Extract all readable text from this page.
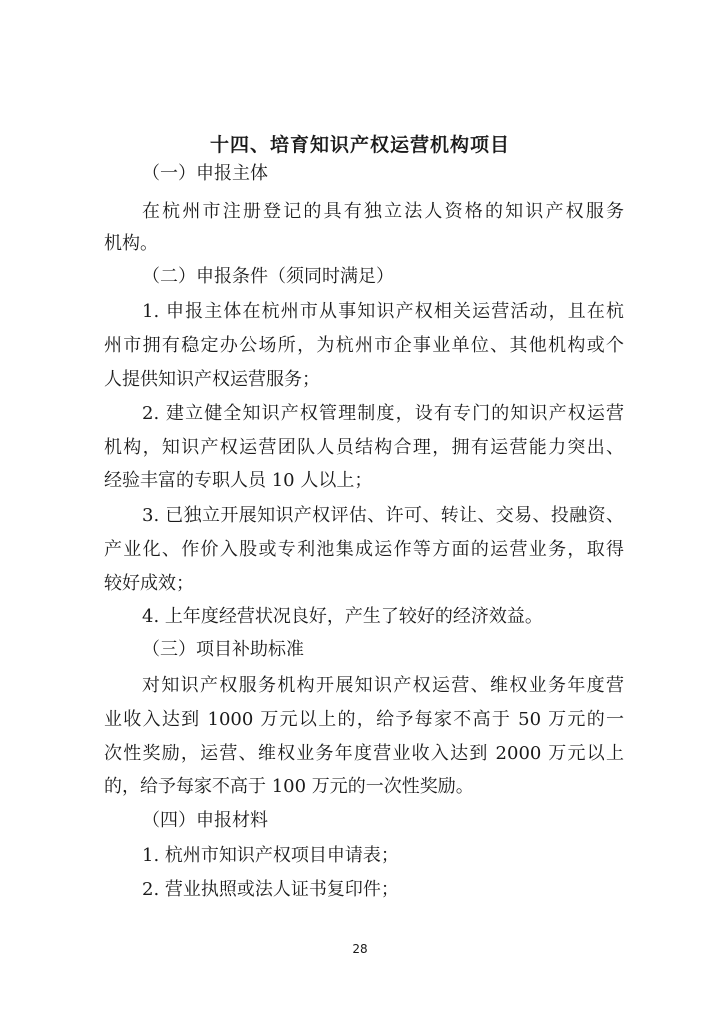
十四、培育知识产权运营机构项目
（一）申报主体
在杭州市注册登记的具有独立法人资格的知识产权服务
机构。
（二）申报条件（须同时满足）
1. 申报主体在杭州市从事知识产权相关运营活动，且在杭
州市拥有稳定办公场所，为杭州市企事业单位、其他机构或个
人提供知识产权运营服务；
2. 建立健全知识产权管理制度，设有专门的知识产权运营
机构，知识产权运营团队人员结构合理，拥有运营能力突出、
经验丰富的专职人员 10 人以上；
3. 已独立开展知识产权评估、许可、转让、交易、投融资、
产业化、作价入股或专利池集成运作等方面的运营业务，取得
较好成效；
4. 上年度经营状况良好，产生了较好的经济效益。
（三）项目补助标准
对知识产权服务机构开展知识产权运营、维权业务年度营
业收入达到 1000 万元以上的，给予每家不高于 50 万元的一
次性奖励，运营、维权业务年度营业收入达到 2000 万元以上
的，给予每家不高于 100 万元的一次性奖励。
（四）申报材料
1. 杭州市知识产权项目申请表；
2. 营业执照或法人证书复印件；
28
